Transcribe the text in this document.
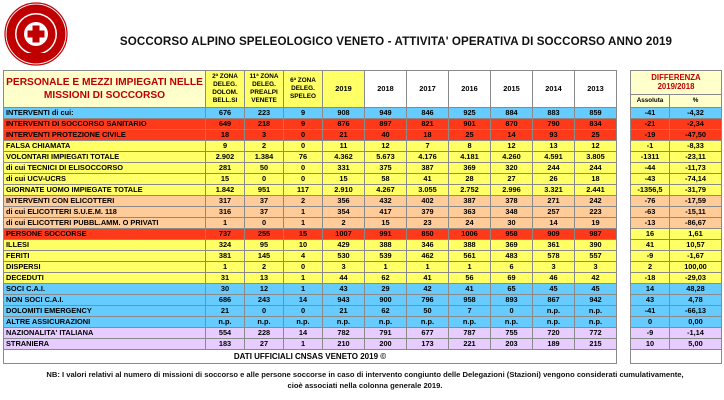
SOCCORSO ALPINO SPELEOLOGICO VENETO - ATTIVITA' OPERATIVA DI SOCCORSO ANNO 2019
PERSONALE E MEZZI IMPIEGATI NELLE MISSIONI DI SOCCORSO	2ª ZONA DELEG. DOLOM. BELL.SI	11ª ZONA DELEG. PREALPI VENETE	6ª ZONA DELEG. SPELEO	2019	2018	2017	2016	2015	2014	2013		DIFFERENZA 2019/2018	
												Assoluta	%
INTERVENTI di cui:	676	223	9	908	949	846	925	884	883	859		-41	-4,32
INTERVENTI DI SOCCORSO SANITARIO	649	218	9	876	897	821	901	870	790	834		-21	-2,34
INTERVENTI PROTEZIONE CIVILE	18	3	0	21	40	18	25	14	93	25		-19	-47,50
FALSA CHIAMATA	9	2	0	11	12	7	8	12	13	12		-1	-8,33
VOLONTARI IMPIEGATI TOTALE	2.902	1.384	76	4.362	5.673	4.176	4.181	4.260	4.591	3.805		-1311	-23,11
di cui TECNICI DI ELISOCCORSO	281	50	0	331	375	387	369	320	244	244		-44	-11,73
di cui UCV-UCRS	15	0	0	15	58	41	28	27	26	18		-43	-74,14
GIORNATE UOMO IMPIEGATE TOTALE	1.842	951	117	2.910	4.267	3.055	2.752	2.996	3.321	2.441		-1356,5	-31,79
INTERVENTI CON ELICOTTERI	317	37	2	356	432	402	387	378	271	242		-76	-17,59
di cui ELICOTTERI S.U.E.M. 118	316	37	1	354	417	379	363	348	257	223		-63	-15,11
di cui ELICOTTERI PUBBL.AMM. O PRIVATI	1	0	1	2	15	23	24	30	14	19		-13	-86,67
PERSONE SOCCORSE	737	255	15	1007	991	850	1006	958	909	987		16	1,61
ILLESI	324	95	10	429	388	346	388	369	361	390		41	10,57
FERITI	381	145	4	530	539	462	561	483	578	557		-9	-1,67
DISPERSI	1	2	0	3	1	1	1	6	3	3		2	100,00
DECEDUTI	31	13	1	44	62	41	56	69	46	42		-18	-29,03
SOCI C.A.I.	30	12	1	43	29	42	41	65	45	45		14	48,28
NON SOCI C.A.I.	686	243	14	943	900	796	958	893	867	942		43	4,78
DOLOMITI EMERGENCY	21	0	0	21	62	50	7	0	n.p.	n.p.		-41	-66,13
ALTRE ASSICURAZIONI	n.p.	n.p.	n.p.	n.p.	n.p.	n.p.	n.p.	n.p.	n.p.	n.p.		0	0,00
NAZIONALITA' ITALIANA	554	228	14	782	791	677	787	755	720	772		-9	-1,14
STRANIERA	183	27	1	210	200	173	221	203	189	215		10	5,00
DATI UFFICIALI CNSAS VENETO 2019 ©													
NB: I valori relativi al numero di missioni di soccorso e alle persone soccorse in caso di intervento congiunto delle Delegazioni (Stazioni) vengono considerati cumulativamente, cioè associati nella colonna generale 2019.
